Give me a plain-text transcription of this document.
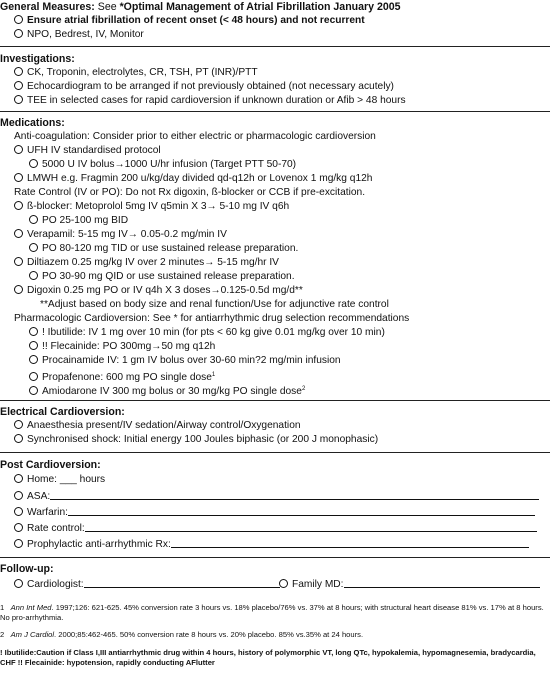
General Measures: See *Optimal Management of Atrial Fibrillation January 2005
Ensure atrial fibrillation of recent onset (< 48 hours) and not recurrent
NPO, Bedrest, IV, Monitor
Investigations:
CK, Troponin, electrolytes, CR, TSH, PT (INR)/PTT
Echocardiogram to be arranged if not previously obtained (not necessary acutely)
TEE in selected cases for rapid cardioversion if unknown duration or Afib > 48 hours
Medications:
Anti-coagulation: Consider prior to either electric or pharmacologic cardioversion
UFH IV standardised protocol
5000 U IV bolus→1000 U/hr infusion (Target PTT 50-70)
LMWH e.g. Fragmin 200 u/kg/day divided qd-q12h or Lovenox 1 mg/kg q12h
Rate Control (IV or PO): Do not Rx digoxin, ß-blocker or CCB if pre-excitation.
ß-blocker: Metoprolol 5mg IV q5min X 3→ 5-10 mg IV q6h
PO 25-100 mg BID
Verapamil: 5-15 mg IV→ 0.05-0.2 mg/min IV
PO 80-120 mg TID or use sustained release preparation.
Diltiazem 0.25 mg/kg IV over 2 minutes→ 5-15 mg/hr IV
PO 30-90 mg QID or use sustained release preparation.
Digoxin 0.25 mg PO or IV q4h X 3 doses→0.125-0.5d mg/d**
**Adjust based on body size and renal function/Use for adjunctive rate control
Pharmacologic Cardioversion: See * for antiarrhythmic drug selection recommendations
! Ibutilide: IV 1 mg over 10 min (for pts < 60 kg give 0.01 mg/kg over 10 min)
!! Flecainide: PO 300mg→50 mg q12h
Procainamide IV: 1 gm IV bolus over 30-60 min?2 mg/min infusion
Propafenone: 600 mg PO single dose$^1$
Amiodarone IV 300 mg bolus or 30 mg/kg PO single dose$^2$
Electrical Cardioversion:
Anaesthesia present/IV sedation/Airway control/Oxygenation
Synchronised shock: Initial energy 100 Joules biphasic (or 200 J monophasic)
Post Cardioversion:
Home: ___ hours
ASA:
Warfarin:
Rate control:
Prophylactic anti-arrhythmic Rx:
Follow-up:
Cardiologist:	Family MD:
1 Ann Int Med. 1997;126: 621-625. 45% conversion rate 3 hours vs. 18% placebo/76% vs. 37% at 8 hours; with structural heart disease 81% vs. 17% at 8 hours. No pro-arrhythmia.
2 Am J Cardiol. 2000;85:462-465. 50% conversion rate 8 hours vs. 20% placebo. 85% vs.35% at 24 hours.
! Ibutilide:Caution if Class I,III antiarrhythmic drug within 4 hours, history of polymorphic VT, long QTc, hypokalemia, hypomagnesemia, bradycardia, CHF !! Flecainide: hypotension, rapidly conducting AFlutter
